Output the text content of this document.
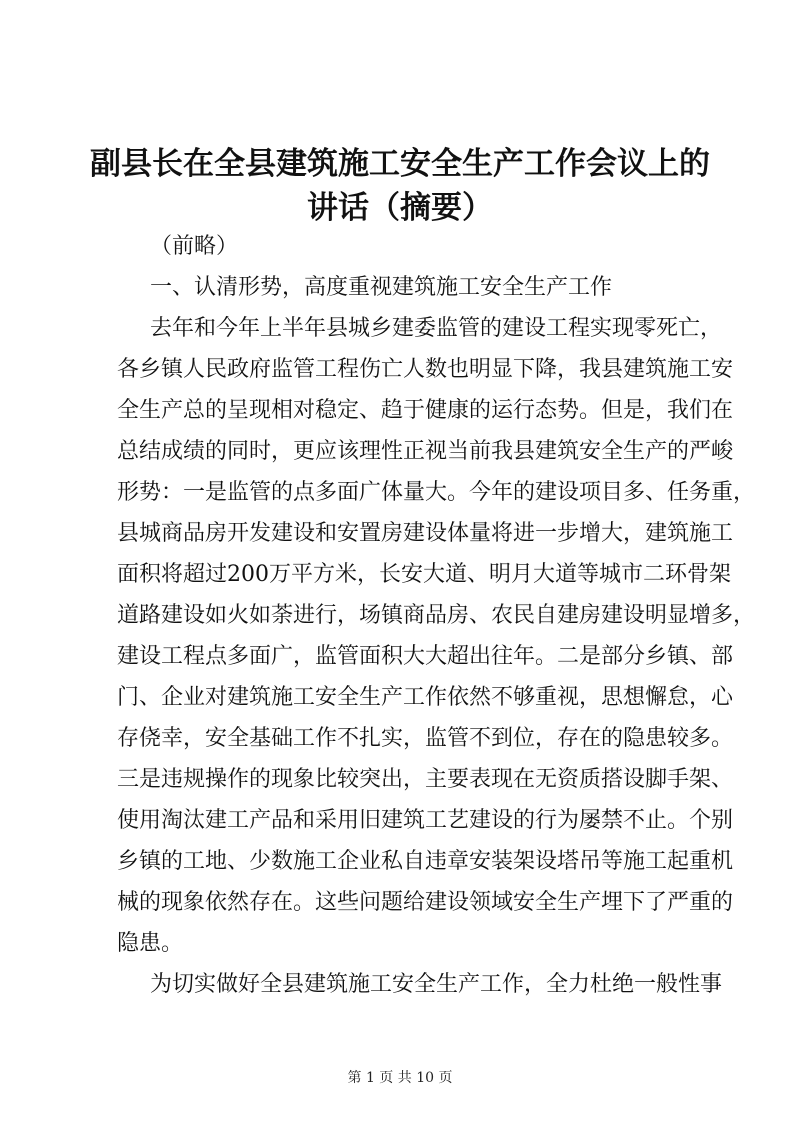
副县长在全县建筑施工安全生产工作会议上的
讲话（摘要）

（前略）

一、认清形势，高度重视建筑施工安全生产工作

去年和今年上半年县城乡建委监管的建设工程实现零死亡，

各乡镇人民政府监管工程伤亡人数也明显下降，我县建筑施工安

全生产总的呈现相对稳定、趋于健康的运行态势。但是，我们在

总结成绩的同时，更应该理性正视当前我县建筑安全生产的严峻

形势：一是监管的点多面广体量大。今年的建设项目多、任务重，

县城商品房开发建设和安置房建设体量将进一步增大，建筑施工

面积将超过200万平方米，长安大道、明月大道等城市二环骨架

道路建设如火如荼进行，场镇商品房、农民自建房建设明显增多，

建设工程点多面广，监管面积大大超出往年。二是部分乡镇、部

门、企业对建筑施工安全生产工作依然不够重视，思想懈怠，心

存侥幸，安全基础工作不扎实，监管不到位，存在的隐患较多。

三是违规操作的现象比较突出，主要表现在无资质搭设脚手架、

使用淘汰建工产品和采用旧建筑工艺建设的行为屡禁不止。个别

乡镇的工地、少数施工企业私自违章安装架设塔吊等施工起重机

械的现象依然存在。这些问题给建设领域安全生产埋下了严重的

隐患。

为切实做好全县建筑施工安全生产工作，全力杜绝一般性事

第 1 页 共 10 页
